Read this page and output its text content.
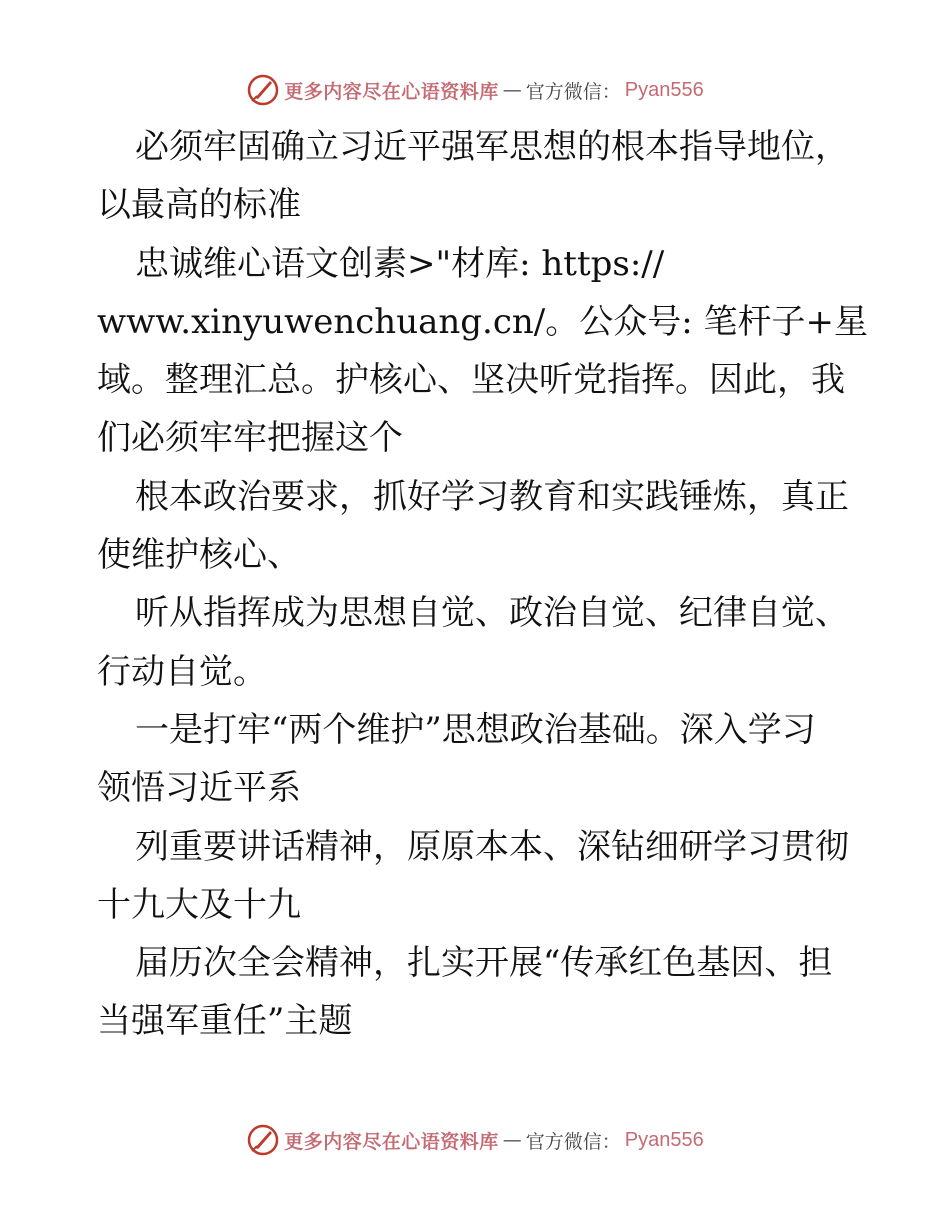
更多内容尽在心语资料库 — 官方微信： Pyan556
必须牢固确立习近平强军思想的根本指导地位，
以最高的标准
忠诚维心语文创素>"材库: https://
www.xinyuwenchuang.cn/。公众号: 笔杆子+星
域。整理汇总。护核心、坚决听党指挥。因此，我
们必须牢牢把握这个
根本政治要求，抓好学习教育和实践锤炼，真正
使维护核心、
听从指挥成为思想自觉、政治自觉、纪律自觉、
行动自觉。
一是打牢“两个维护”思想政治基础。深入学习
领悟习近平系
列重要讲话精神，原原本本、深钻细研学习贯彻
十九大及十九
届历次全会精神，扎实开展“传承红色基因、担
当强军重任”主题
更多内容尽在心语资料库 — 官方微信： Pyan556
